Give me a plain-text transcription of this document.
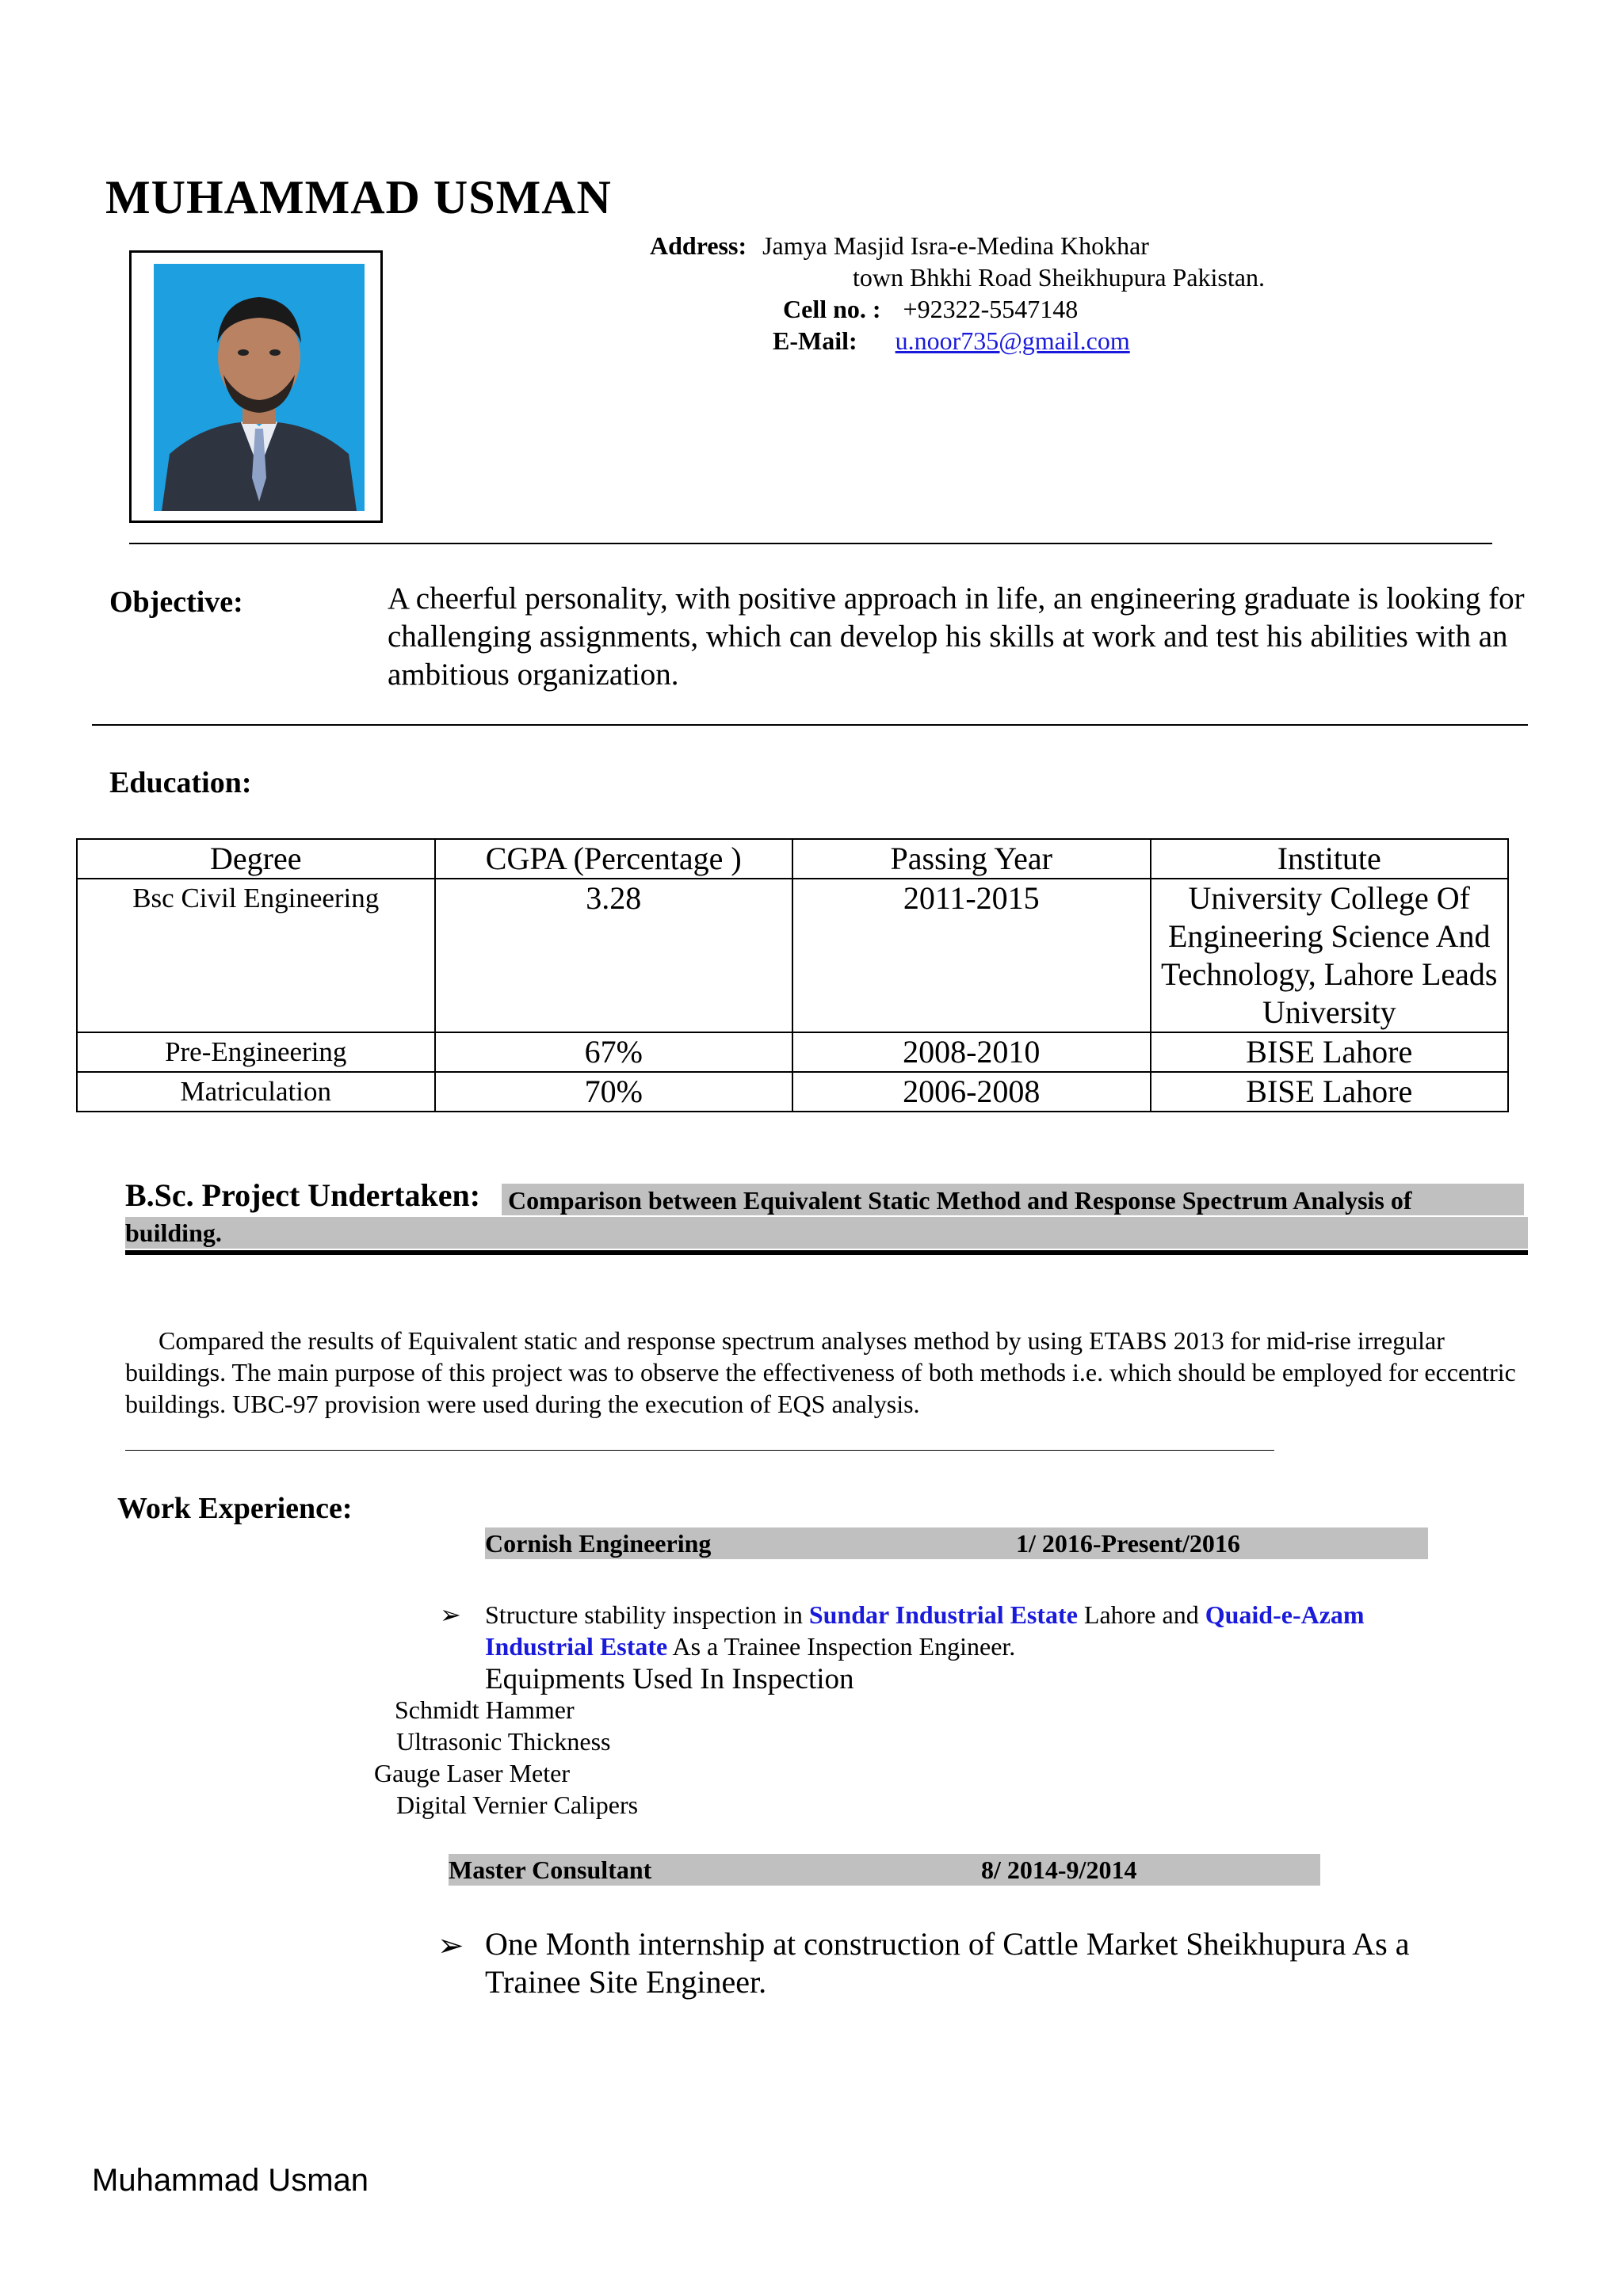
MUHAMMAD USMAN
Address: Jamya Masjid Isra-e-Medina Khokhar
town Bhkhi Road Sheikhupura Pakistan.
Cell no. : +92322-5547148
E-Mail: u.noor735@gmail.com
Objective:	A cheerful personality, with positive approach in life, an engineering graduate is looking for challenging assignments, which can develop his skills at work and test his abilities with an ambitious organization.
Education:
Degree	CGPA (Percentage )	Passing Year	Institute
Bsc Civil Engineering	3.28	2011-2015	University College Of Engineering Science And Technology, Lahore Leads University
Pre-Engineering	67%	2008-2010	BISE Lahore
Matriculation	70%	2006-2008	BISE Lahore
B.Sc. Project Undertaken: Comparison between Equivalent Static Method and Response Spectrum Analysis of
building.
Compared the results of Equivalent static and response spectrum analyses method by using ETABS 2013 for mid-rise irregular buildings. The main purpose of this project was to observe the effectiveness of both methods i.e. which should be employed for eccentric buildings. UBC-97 provision were used during the execution of EQS analysis.
Work Experience:
Cornish Engineering	1/ 2016-Present/2016
➢ Structure stability inspection in Sundar Industrial Estate Lahore and Quaid-e-Azam
Industrial Estate As a Trainee Inspection Engineer.
Equipments Used In Inspection
Schmidt Hammer
Ultrasonic Thickness
Gauge Laser Meter
Digital Vernier Calipers
Master Consultant	8/ 2014-9/2014
➢ One Month internship at construction of Cattle Market Sheikhupura As a
Trainee Site Engineer.
Muhammad Usman
